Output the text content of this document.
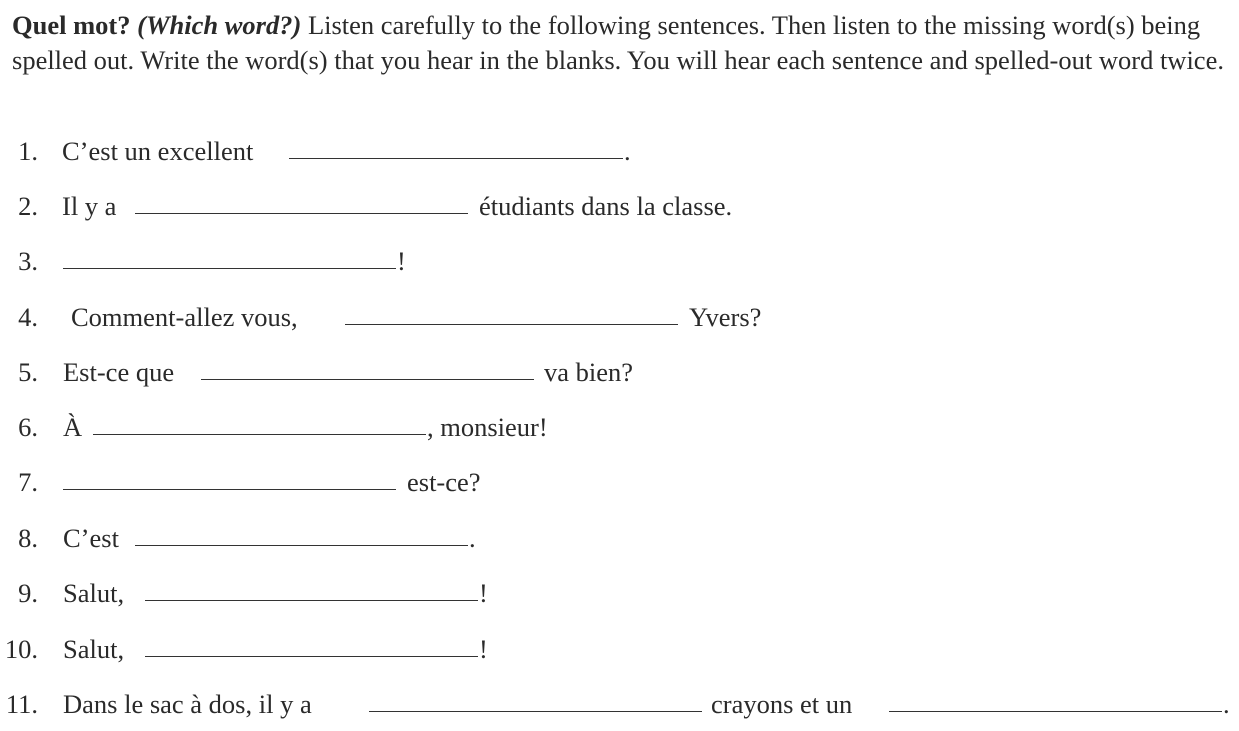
Quel mot? (Which word?) Listen carefully to the following sentences. Then listen to the missing word(s) being spelled out. Write the word(s) that you hear in the blanks. You will hear each sentence and spelled-out word twice.
1. C’est un excellent	.
2. Il y a	étudiants dans la classe.
3.	!
4. Comment-allez vous,	Yvers?
5. Est-ce que	va bien?
6. À	, monsieur!
7.	est-ce?
8. C’est	.
9. Salut,	!
10. Salut,	!
11. Dans le sac à dos, il y a	crayons et un	.
